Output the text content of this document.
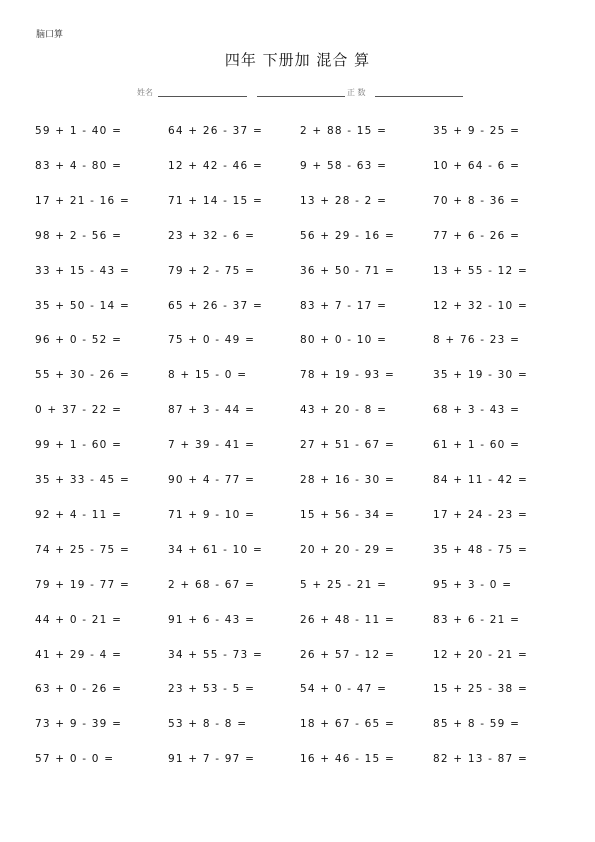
脑口算
四年 下册加 混合 算
姓名	正 数
59 + 1 - 40 =	64 + 26 - 37 =	2 + 88 - 15 =	35 + 9 - 25 =
83 + 4 - 80 =	12 + 42 - 46 =	9 + 58 - 63 =	10 + 64 - 6 =
17 + 21 - 16 =	71 + 14 - 15 =	13 + 28 - 2 =	70 + 8 - 36 =
98 + 2 - 56 =	23 + 32 - 6 =	56 + 29 - 16 =	77 + 6 - 26 =
33 + 15 - 43 =	79 + 2 - 75 =	36 + 50 - 71 =	13 + 55 - 12 =
35 + 50 - 14 =	65 + 26 - 37 =	83 + 7 - 17 =	12 + 32 - 10 =
96 + 0 - 52 =	75 + 0 - 49 =	80 + 0 - 10 =	8 + 76 - 23 =
55 + 30 - 26 =	8 + 15 - 0 =	78 + 19 - 93 =	35 + 19 - 30 =
0 + 37 - 22 =	87 + 3 - 44 =	43 + 20 - 8 =	68 + 3 - 43 =
99 + 1 - 60 =	7 + 39 - 41 =	27 + 51 - 67 =	61 + 1 - 60 =
35 + 33 - 45 =	90 + 4 - 77 =	28 + 16 - 30 =	84 + 11 - 42 =
92 + 4 - 11 =	71 + 9 - 10 =	15 + 56 - 34 =	17 + 24 - 23 =
74 + 25 - 75 =	34 + 61 - 10 =	20 + 20 - 29 =	35 + 48 - 75 =
79 + 19 - 77 =	2 + 68 - 67 =	5 + 25 - 21 =	95 + 3 - 0 =
44 + 0 - 21 =	91 + 6 - 43 =	26 + 48 - 11 =	83 + 6 - 21 =
41 + 29 - 4 =	34 + 55 - 73 =	26 + 57 - 12 =	12 + 20 - 21 =
63 + 0 - 26 =	23 + 53 - 5 =	54 + 0 - 47 =	15 + 25 - 38 =
73 + 9 - 39 =	53 + 8 - 8 =	18 + 67 - 65 =	85 + 8 - 59 =
57 + 0 - 0 =	91 + 7 - 97 =	16 + 46 - 15 =	82 + 13 - 87 =
